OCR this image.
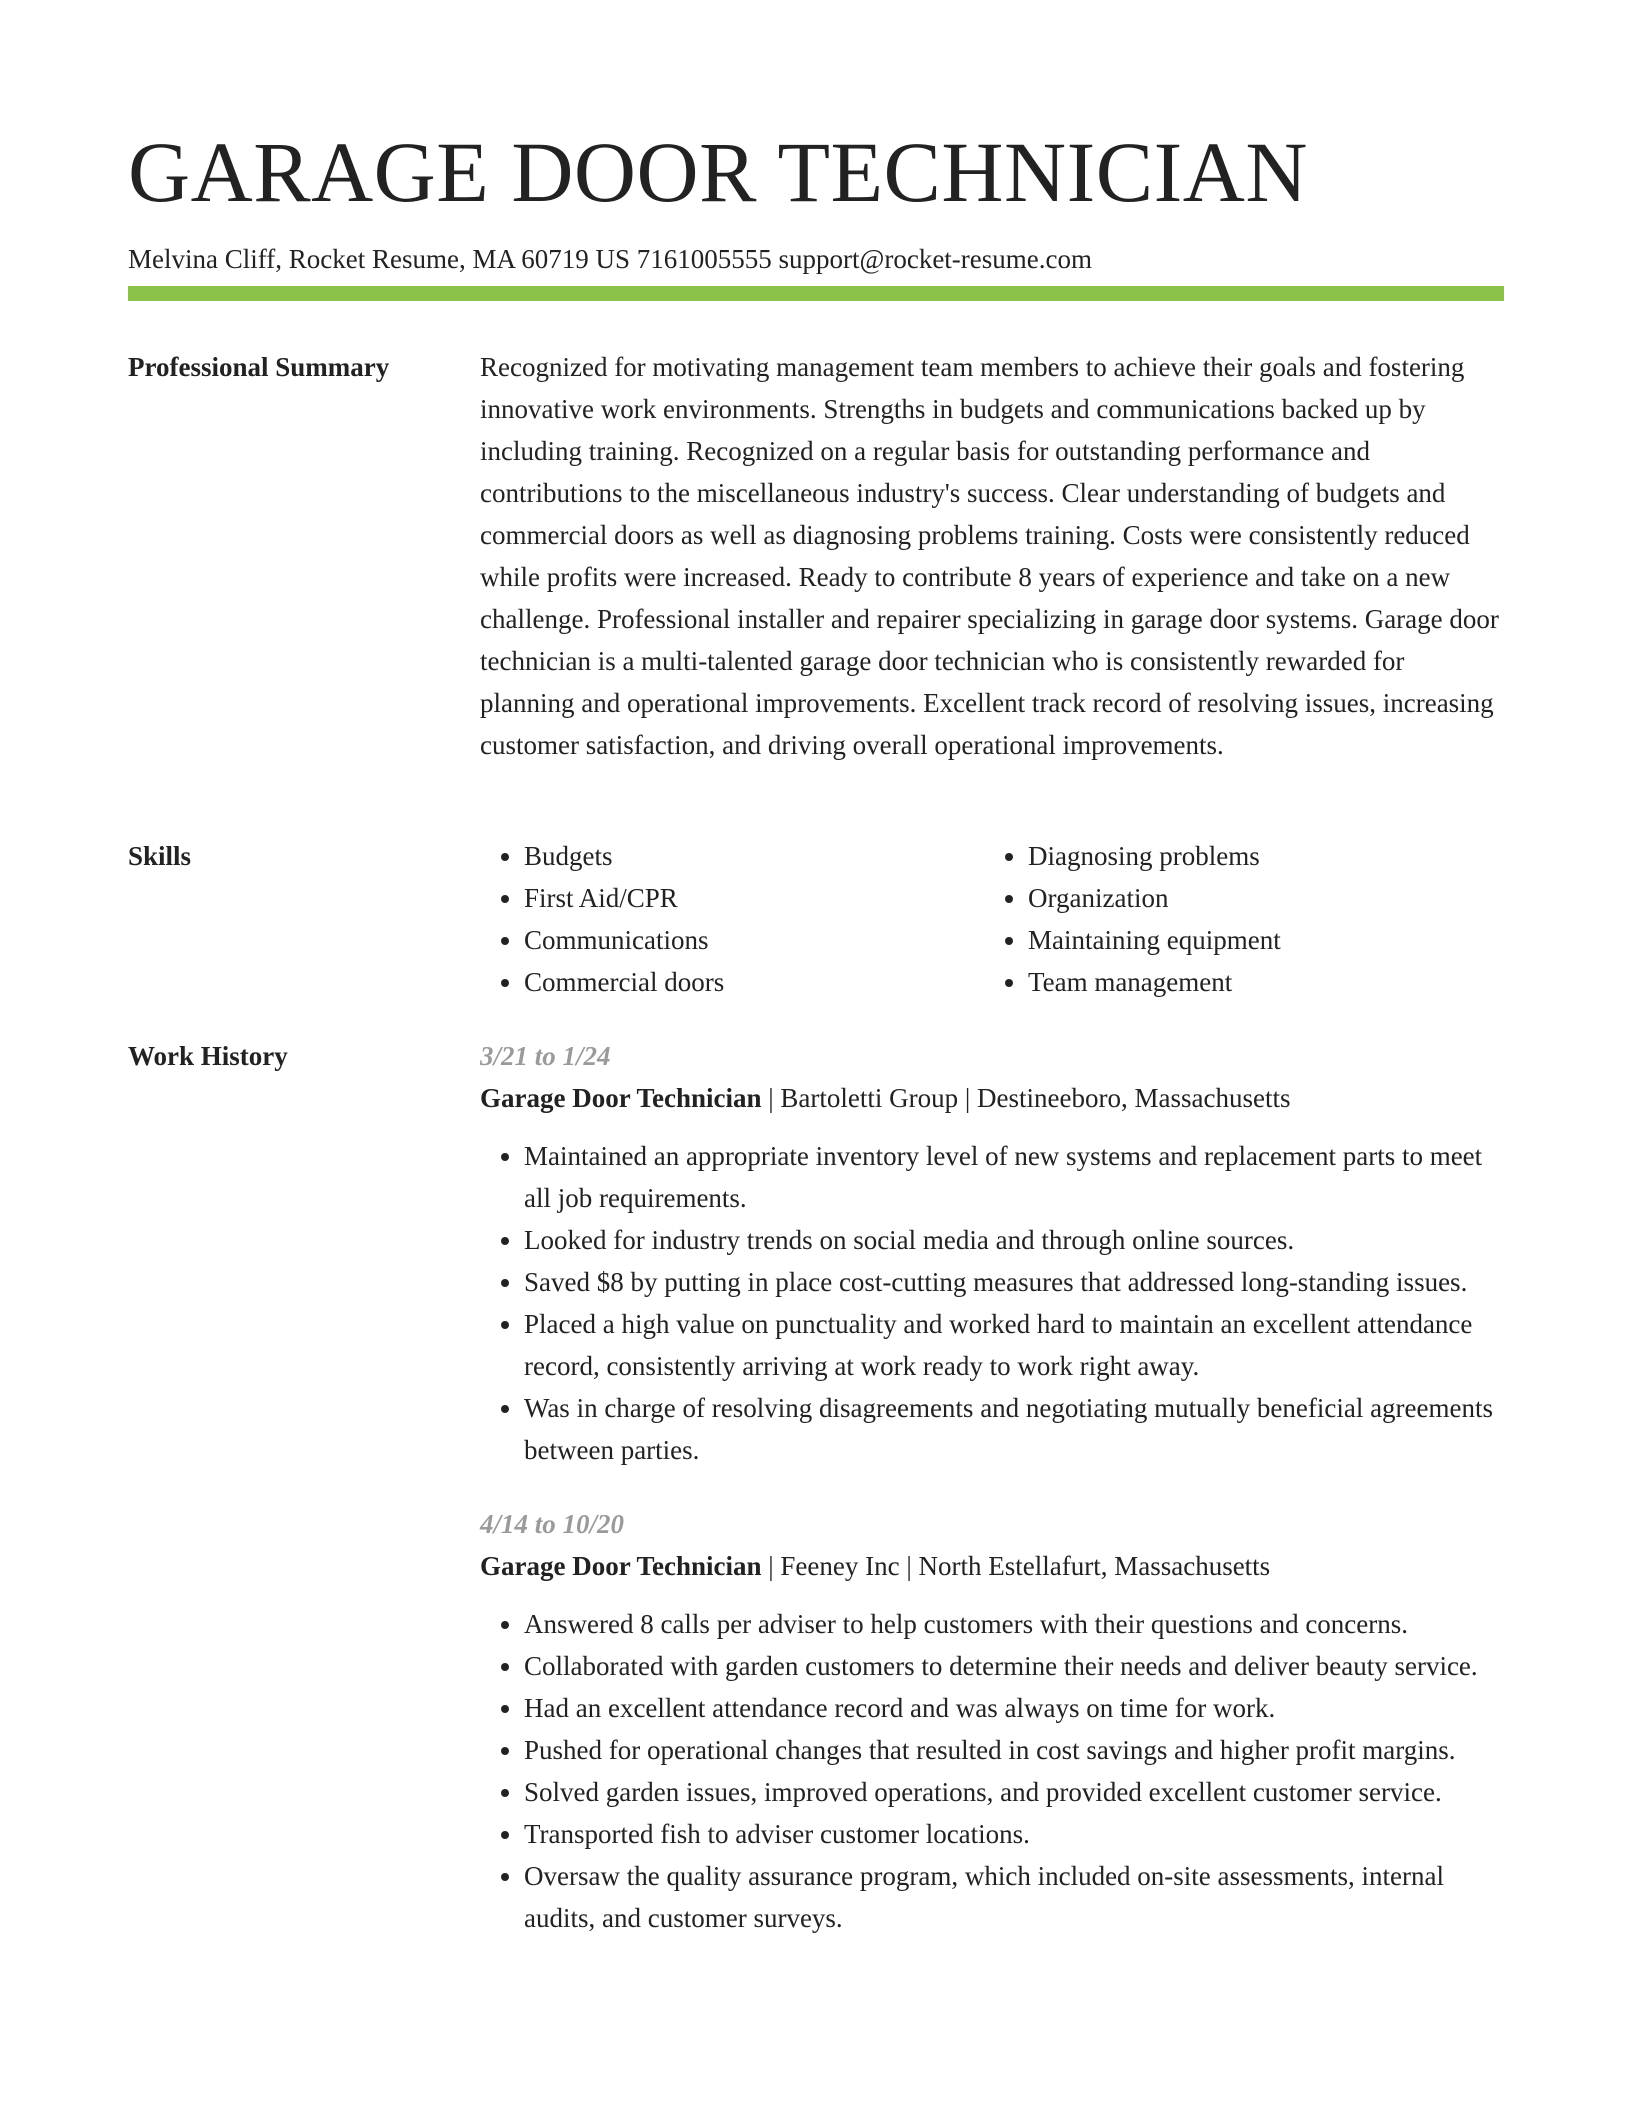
GARAGE DOOR TECHNICIAN
Melvina Cliff, Rocket Resume, MA 60719 US 7161005555 support@rocket-resume.com
Professional Summary	Recognized for motivating management team members to achieve their goals and fostering innovative work environments. Strengths in budgets and communications backed up by including training. Recognized on a regular basis for outstanding performance and contributions to the miscellaneous industry's success. Clear understanding of budgets and commercial doors as well as diagnosing problems training. Costs were consistently reduced while profits were increased. Ready to contribute 8 years of experience and take on a new challenge. Professional installer and repairer specializing in garage door systems. Garage door technician is a multi-talented garage door technician who is consistently rewarded for planning and operational improvements. Excellent track record of resolving issues, increasing customer satisfaction, and driving overall operational improvements.

Skills
•	Budgets
• First Aid/CPR
• Communications
• Commercial doors
• Diagnosing problems
• Organization
• Maintaining equipment
• Team management
Work History	3/21 to 1/24
Garage Door Technician | Bartoletti Group | Destineeboro, Massachusetts
• Maintained an appropriate inventory level of new systems and replacement parts to meet all job requirements.
• Looked for industry trends on social media and through online sources.
• Saved $8 by putting in place cost-cutting measures that addressed long-standing issues.
• Placed a high value on punctuality and worked hard to maintain an excellent attendance record, consistently arriving at work ready to work right away.
• Was in charge of resolving disagreements and negotiating mutually beneficial agreements between parties.
4/14 to 10/20
Garage Door Technician | Feeney Inc | North Estellafurt, Massachusetts
• Answered 8 calls per adviser to help customers with their questions and concerns.
• Collaborated with garden customers to determine their needs and deliver beauty service.
• Had an excellent attendance record and was always on time for work.
• Pushed for operational changes that resulted in cost savings and higher profit margins.
• Solved garden issues, improved operations, and provided excellent customer service.
• Transported fish to adviser customer locations.
• Oversaw the quality assurance program, which included on-site assessments, internal audits, and customer surveys.
